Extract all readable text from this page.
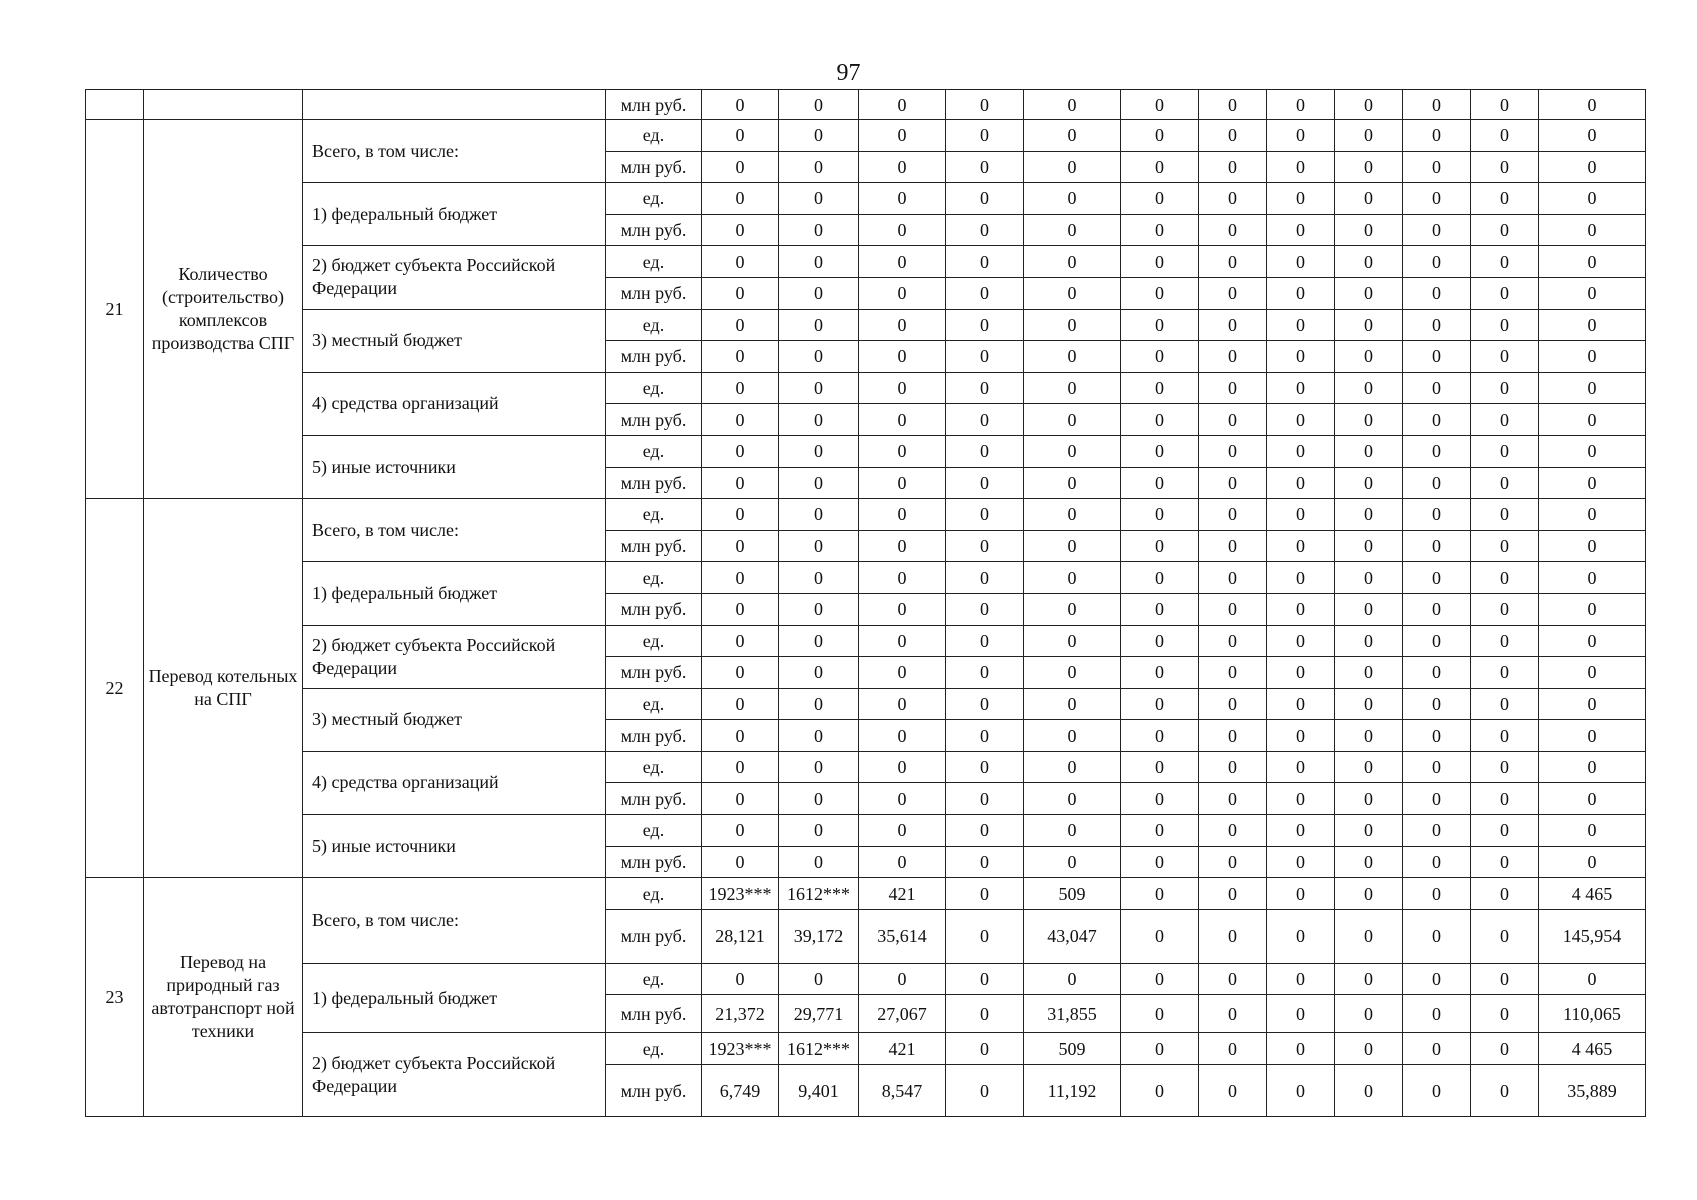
97
			млн руб.	0	0	0	0	0	0	0	0	0	0	0	0
21	Количество (строительство) комплексов производства СПГ	Всего, в том числе:	ед.	0	0	0	0	0	0	0	0	0	0	0	0
			млн руб.	0	0	0	0	0	0	0	0	0	0	0	0
		1) федеральный бюджет	ед.	0	0	0	0	0	0	0	0	0	0	0	0
			млн руб.	0	0	0	0	0	0	0	0	0	0	0	0
		2) бюджет субъекта Российской Федерации	ед.	0	0	0	0	0	0	0	0	0	0	0	0
			млн руб.	0	0	0	0	0	0	0	0	0	0	0	0
		3) местный бюджет	ед.	0	0	0	0	0	0	0	0	0	0	0	0
			млн руб.	0	0	0	0	0	0	0	0	0	0	0	0
		4) средства организаций	ед.	0	0	0	0	0	0	0	0	0	0	0	0
			млн руб.	0	0	0	0	0	0	0	0	0	0	0	0
		5) иные источники	ед.	0	0	0	0	0	0	0	0	0	0	0	0
			млн руб.	0	0	0	0	0	0	0	0	0	0	0	0
22	Перевод котельных на СПГ	Всего, в том числе:	ед.	0	0	0	0	0	0	0	0	0	0	0	0
			млн руб.	0	0	0	0	0	0	0	0	0	0	0	0
		1) федеральный бюджет	ед.	0	0	0	0	0	0	0	0	0	0	0	0
			млн руб.	0	0	0	0	0	0	0	0	0	0	0	0
		2) бюджет субъекта Российской Федерации	ед.	0	0	0	0	0	0	0	0	0	0	0	0
			млн руб.	0	0	0	0	0	0	0	0	0	0	0	0
		3) местный бюджет	ед.	0	0	0	0	0	0	0	0	0	0	0	0
			млн руб.	0	0	0	0	0	0	0	0	0	0	0	0
		4) средства организаций	ед.	0	0	0	0	0	0	0	0	0	0	0	0
			млн руб.	0	0	0	0	0	0	0	0	0	0	0	0
		5) иные источники	ед.	0	0	0	0	0	0	0	0	0	0	0	0
			млн руб.	0	0	0	0	0	0	0	0	0	0	0	0
23	Перевод на природный газ автотранспорт ной техники	Всего, в том числе:	ед.	1923***	1612***	421	0	509	0	0	0	0	0	0	4 465
			млн руб.	28,121	39,172	35,614	0	43,047	0	0	0	0	0	0	145,954
		1) федеральный бюджет	ед.	0	0	0	0	0	0	0	0	0	0	0	0
			млн руб.	21,372	29,771	27,067	0	31,855	0	0	0	0	0	0	110,065
		2) бюджет субъекта Российской Федерации	ед.	1923***	1612***	421	0	509	0	0	0	0	0	0	4 465
			млн руб.	6,749	9,401	8,547	0	11,192	0	0	0	0	0	0	35,889
